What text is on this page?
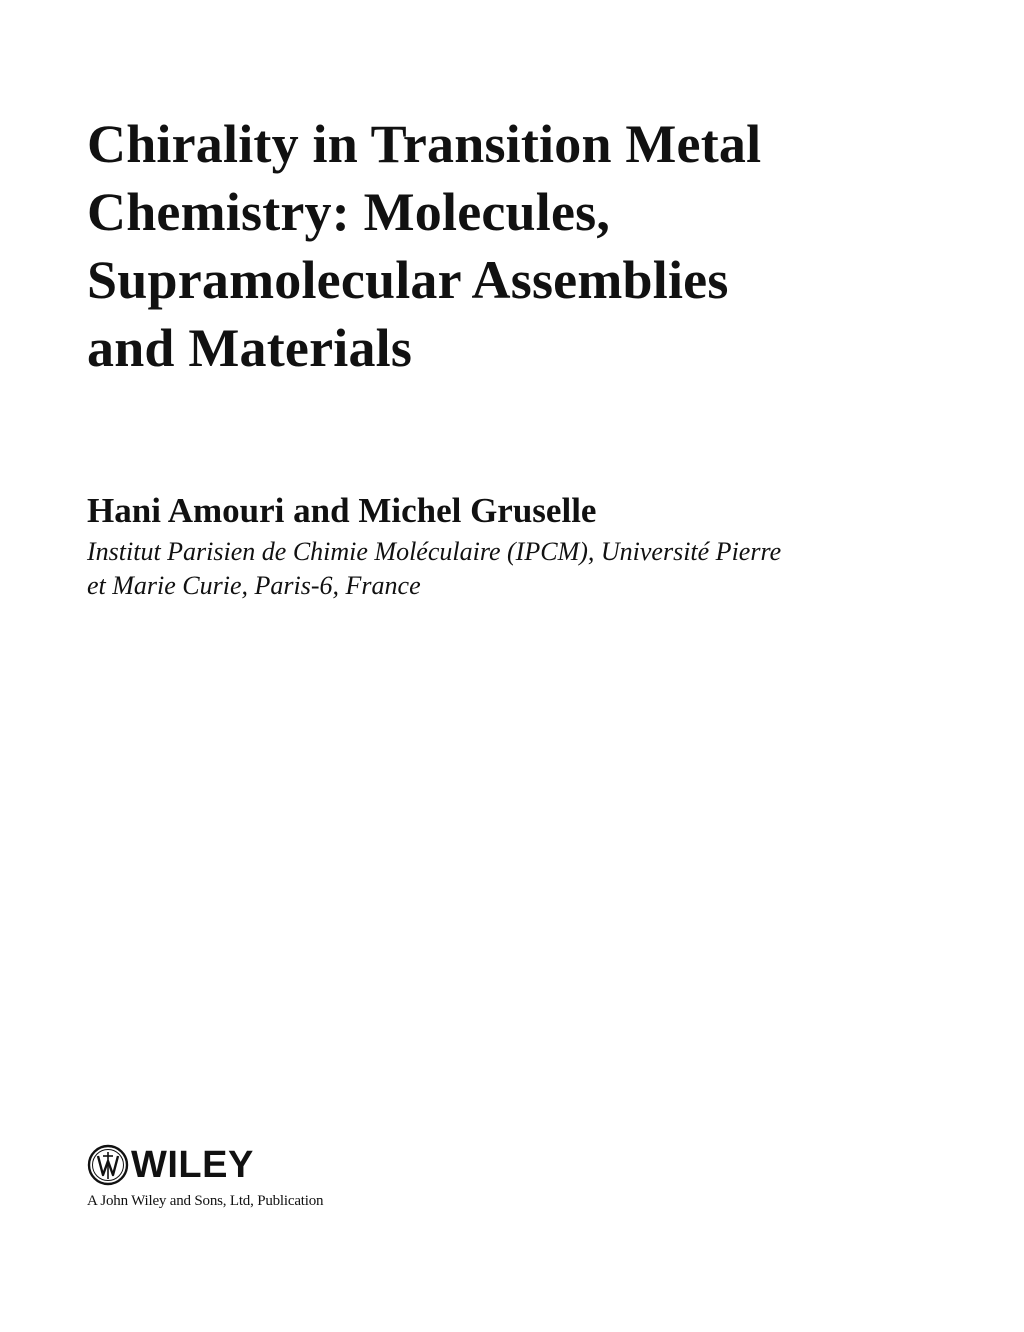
Chirality in Transition Metal
Chemistry: Molecules,
Supramolecular Assemblies
and Materials

Hani Amouri and Michel Gruselle

Institut Parisien de Chimie Moléculaire (IPCM), Université Pierre
et Marie Curie, Paris-6, France

WILEY
A John Wiley and Sons, Ltd, Publication
